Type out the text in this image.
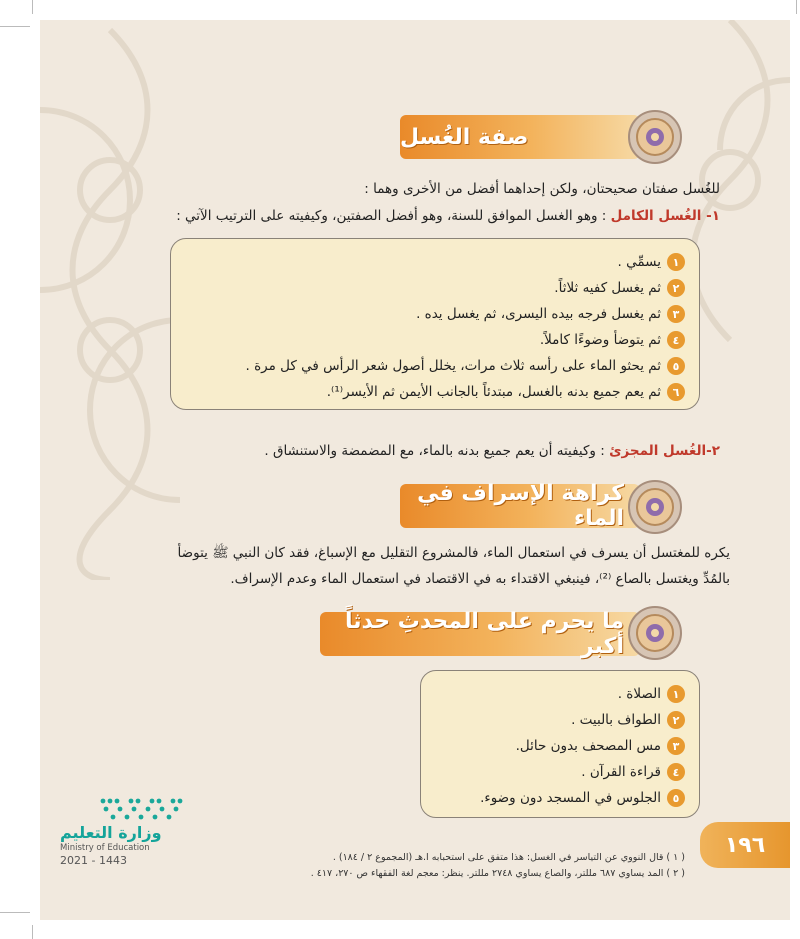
صفة الغُسل
للغُسل صفتان صحيحتان، ولكن إحداهما أفضل من الأخرى وهما :
١- الغُسل الكامل : وهو الغسل الموافق للسنة، وهو أفضل الصفتين، وكيفيته على الترتيب الآتي :
١
يسمِّي .
٢
ثم يغسل كفيه ثلاثاً.
٣
ثم يغسل فرجه بيده اليسرى، ثم يغسل يده .
٤
ثم يتوضأ وضوءًا كاملاً.
٥
ثم يحثو الماء على رأسه ثلاث مرات، يخلل أصول شعر الرأس في كل مرة .
٦
ثم يعم جميع بدنه بالغسل، مبتدئاً بالجانب الأيمن ثم الأيسر⁽¹⁾.
٢-الغُسل المجزئ : وكيفيته أن يعم جميع بدنه بالماء، مع المضمضة والاستنشاق .
كراهة الإسراف في الماء
يكره للمغتسل أن يسرف في استعمال الماء، فالمشروع التقليل مع الإسباغ، فقد كان النبي ﷺ يتوضأ
بالمُدِّ ويغتسل بالصاع ⁽²⁾، فينبغي الاقتداء به في الاقتصاد في استعمال الماء وعدم الإسراف.
ما يحرم على المحدثِ حدثاً أكبر
١
الصلاة .
٢
الطواف بالبيت .
٣
مس المصحف بدون حائل.
٤
قراءة القرآن .
٥
الجلوس في المسجد دون وضوء.
وزارة التعليم
Ministry of Education
2021 - 1443
١٩٦
( ١ ) قال النووي عن التياسر في الغسل: هذا متفق على استحبابه ا.هـ (المجموع ٢ / ١٨٤) .
( ٢ ) المد يساوي ٦٨٧ مللتر، والصاع يساوي ٢٧٤٨ مللتر. ينظر: معجم لغة الفقهاء ص ٢٧٠، ٤١٧ .
